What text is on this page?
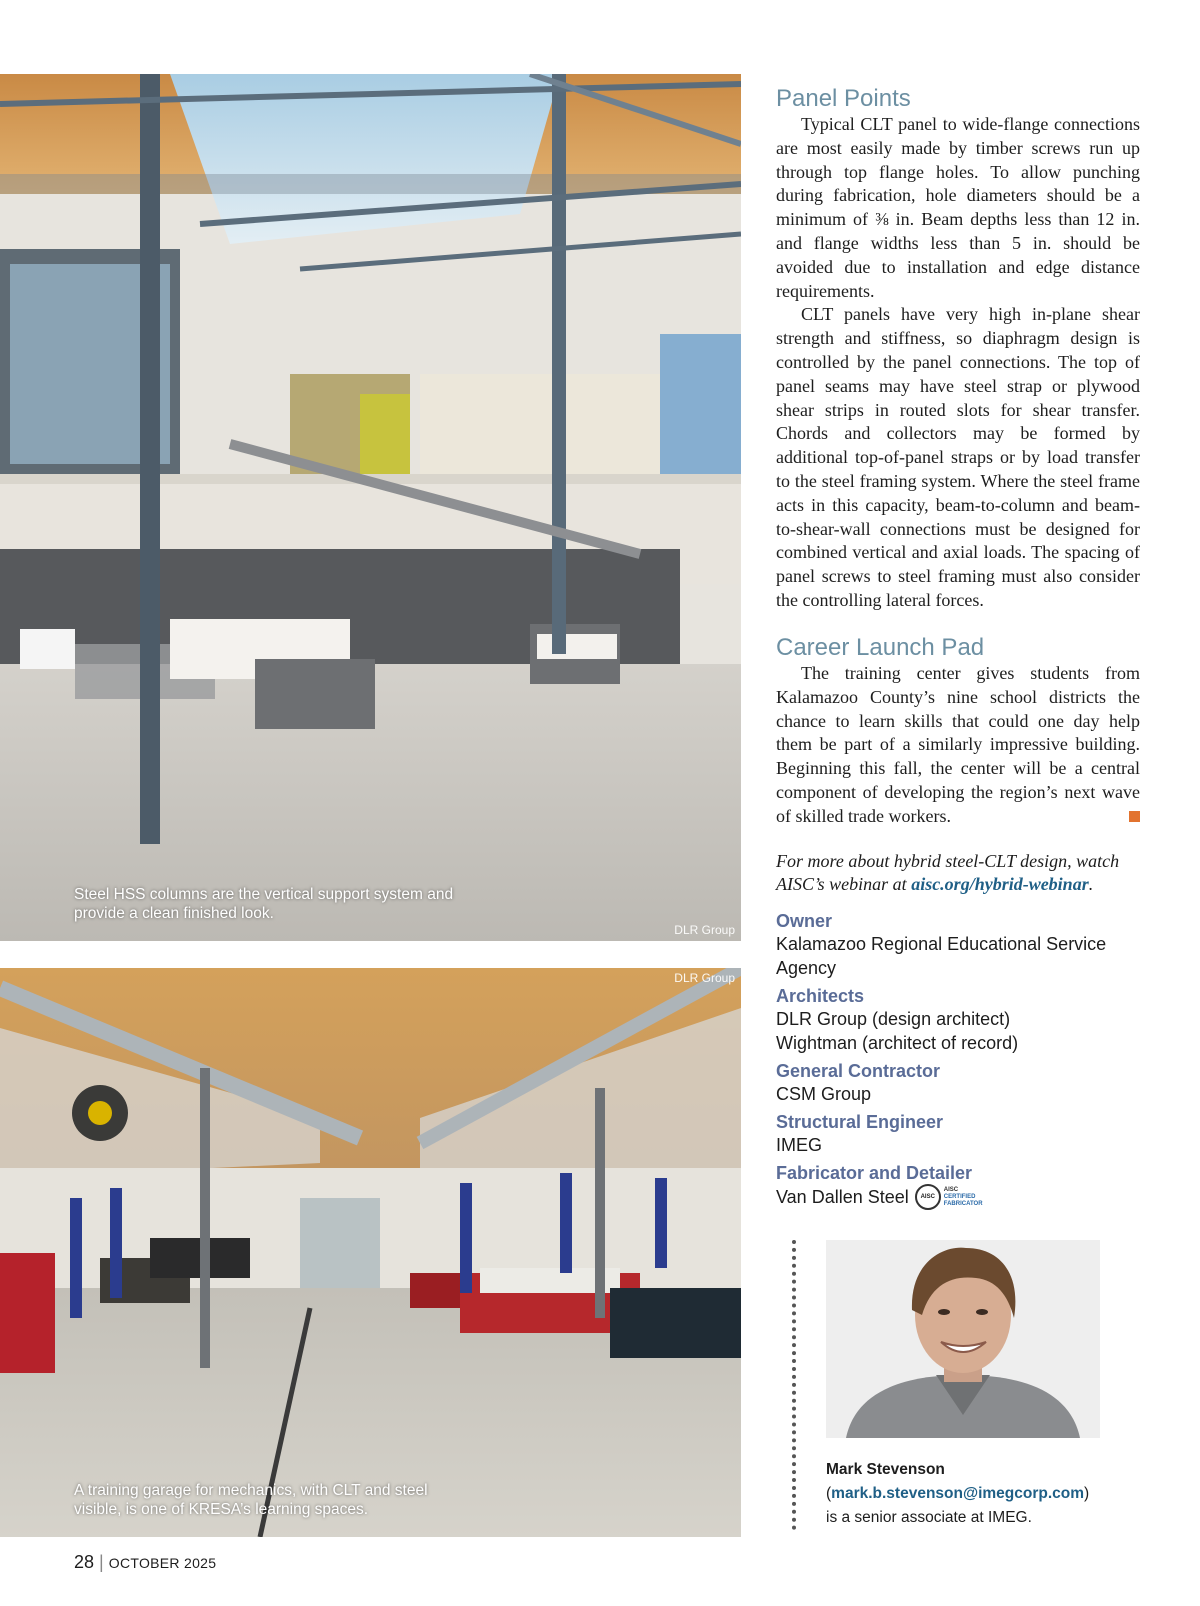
Steel HSS columns are the vertical support system and provide a clean finished look.
DLR Group
DLR Group
A training garage for mechanics, with CLT and steel visible, is one of KRESA’s learning spaces.
Panel Points

Typical CLT panel to wide-flange connections are most easily made by timber screws run up through top flange holes. To allow punching during fabrication, hole diameters should be a minimum of ⅜ in. Beam depths less than 12 in. and flange widths less than 5 in. should be avoided due to installation and edge distance requirements.

CLT panels have very high in-plane shear strength and stiffness, so diaphragm design is controlled by the panel connections. The top of panel seams may have steel strap or plywood shear strips in routed slots for shear transfer. Chords and collectors may be formed by additional top-of-panel straps or by load transfer to the steel framing system. Where the steel frame acts in this capacity, beam-to-column and beam-to-shear-wall connections must be designed for combined vertical and axial loads. The spacing of panel screws to steel framing must also consider the controlling lateral forces.

Career Launch Pad

The training center gives students from Kalamazoo County’s nine school districts the chance to learn skills that could one day help them be part of a similarly impressive building. Beginning this fall, the center will be a central component of developing the region’s next wave of skilled trade workers.

For more about hybrid steel-CLT design, watch AISC’s webinar at aisc.org/hybrid-webinar.
Owner
Kalamazoo Regional Educational Service Agency
Architects
DLR Group (design architect)
Wightman (architect of record)
General Contractor
CSM Group
Structural Engineer
IMEG
Fabricator and Detailer
Van Dallen Steel	AISC
AISC
CERTIFIED
FABRICATOR
Mark Stevenson
(mark.b.stevenson@imegcorp.com)
is a senior associate at IMEG.
28 | OCTOBER 2025
